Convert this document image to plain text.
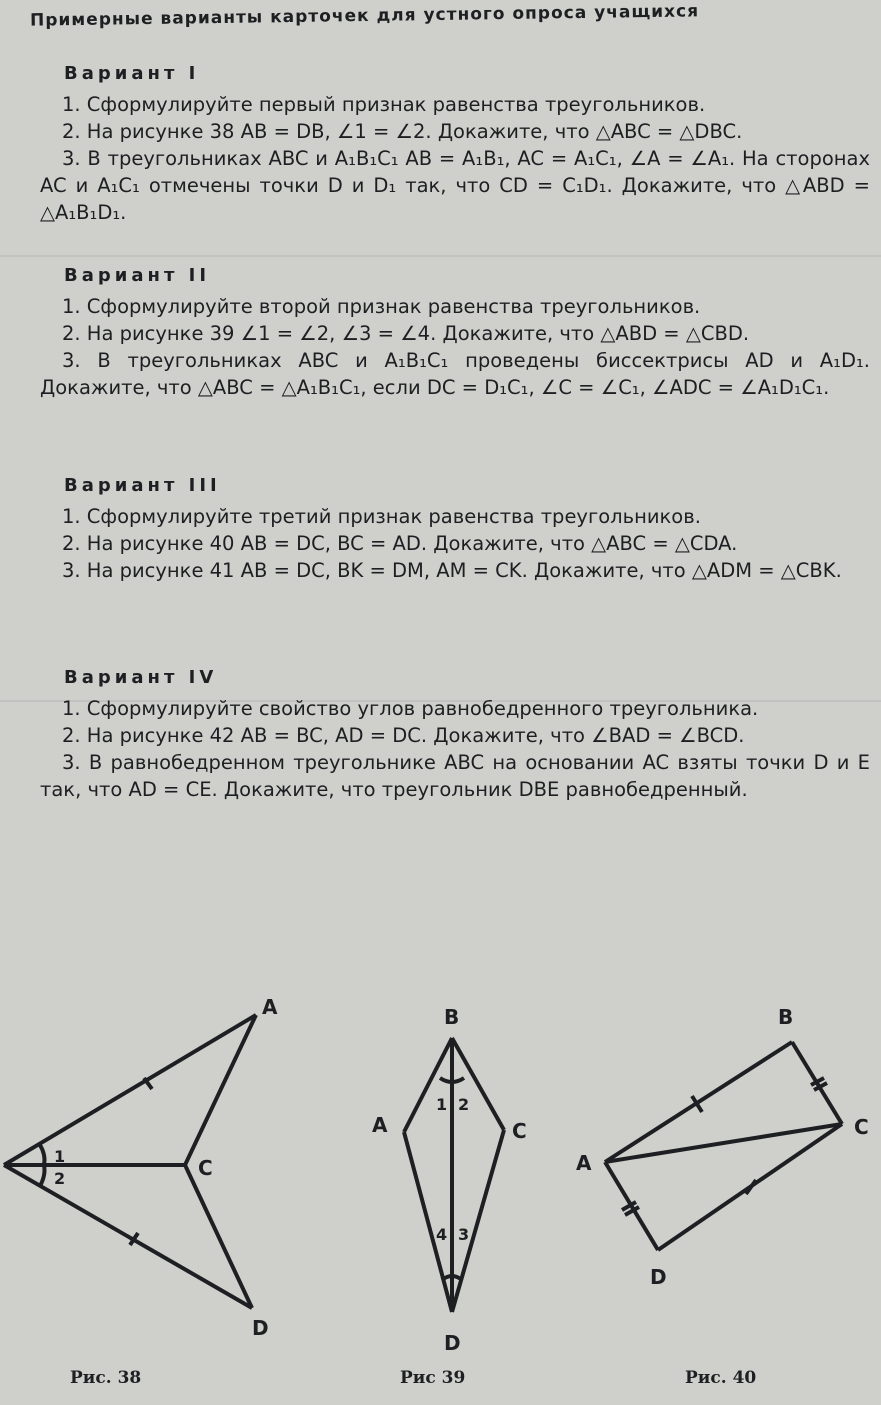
Примерные варианты карточек для устного опроса учащихся
Вариант I
1. Сформулируйте первый признак равенства треугольников.
2. На рисунке 38 AB = DB, ∠1 = ∠2. Докажите, что △ABC = △DBC.
3. В треугольниках ABC и A₁B₁C₁ AB = A₁B₁, AC = A₁C₁, ∠A = ∠A₁. На сторонах AC и A₁C₁ отмечены точки D и D₁ так, что CD = C₁D₁. Докажите, что △ABD = △A₁B₁D₁.
Вариант II
1. Сформулируйте второй признак равенства треугольников.
2. На рисунке 39 ∠1 = ∠2, ∠3 = ∠4. Докажите, что △ABD = △CBD.
3. В треугольниках ABC и A₁B₁C₁ проведены биссектрисы AD и A₁D₁. Докажите, что △ABC = △A₁B₁C₁, если DC = D₁C₁, ∠C = ∠C₁, ∠ADC = ∠A₁D₁C₁.
Вариант III
1. Сформулируйте третий признак равенства треугольников.
2. На рисунке 40 AB = DC, BC = AD. Докажите, что △ABC = △CDA.
3. На рисунке 41 AB = DC, BK = DM, AM = CK. Докажите, что △ADM = △CBK.
Вариант IV
1. Сформулируйте свойство углов равнобедренного треугольника.
2. На рисунке 42 AB = BC, AD = DC. Докажите, что ∠BAD = ∠BCD.
3. В равнобедренном треугольнике ABC на основании AC взяты точки D и E так, что AD = CE. Докажите, что треугольник DBE равнобедренный.
A
C
D
1
2
Рис. 38
B
A	C
D
1 2
3
4
Рис 39
A
B
C
D
Рис. 40
